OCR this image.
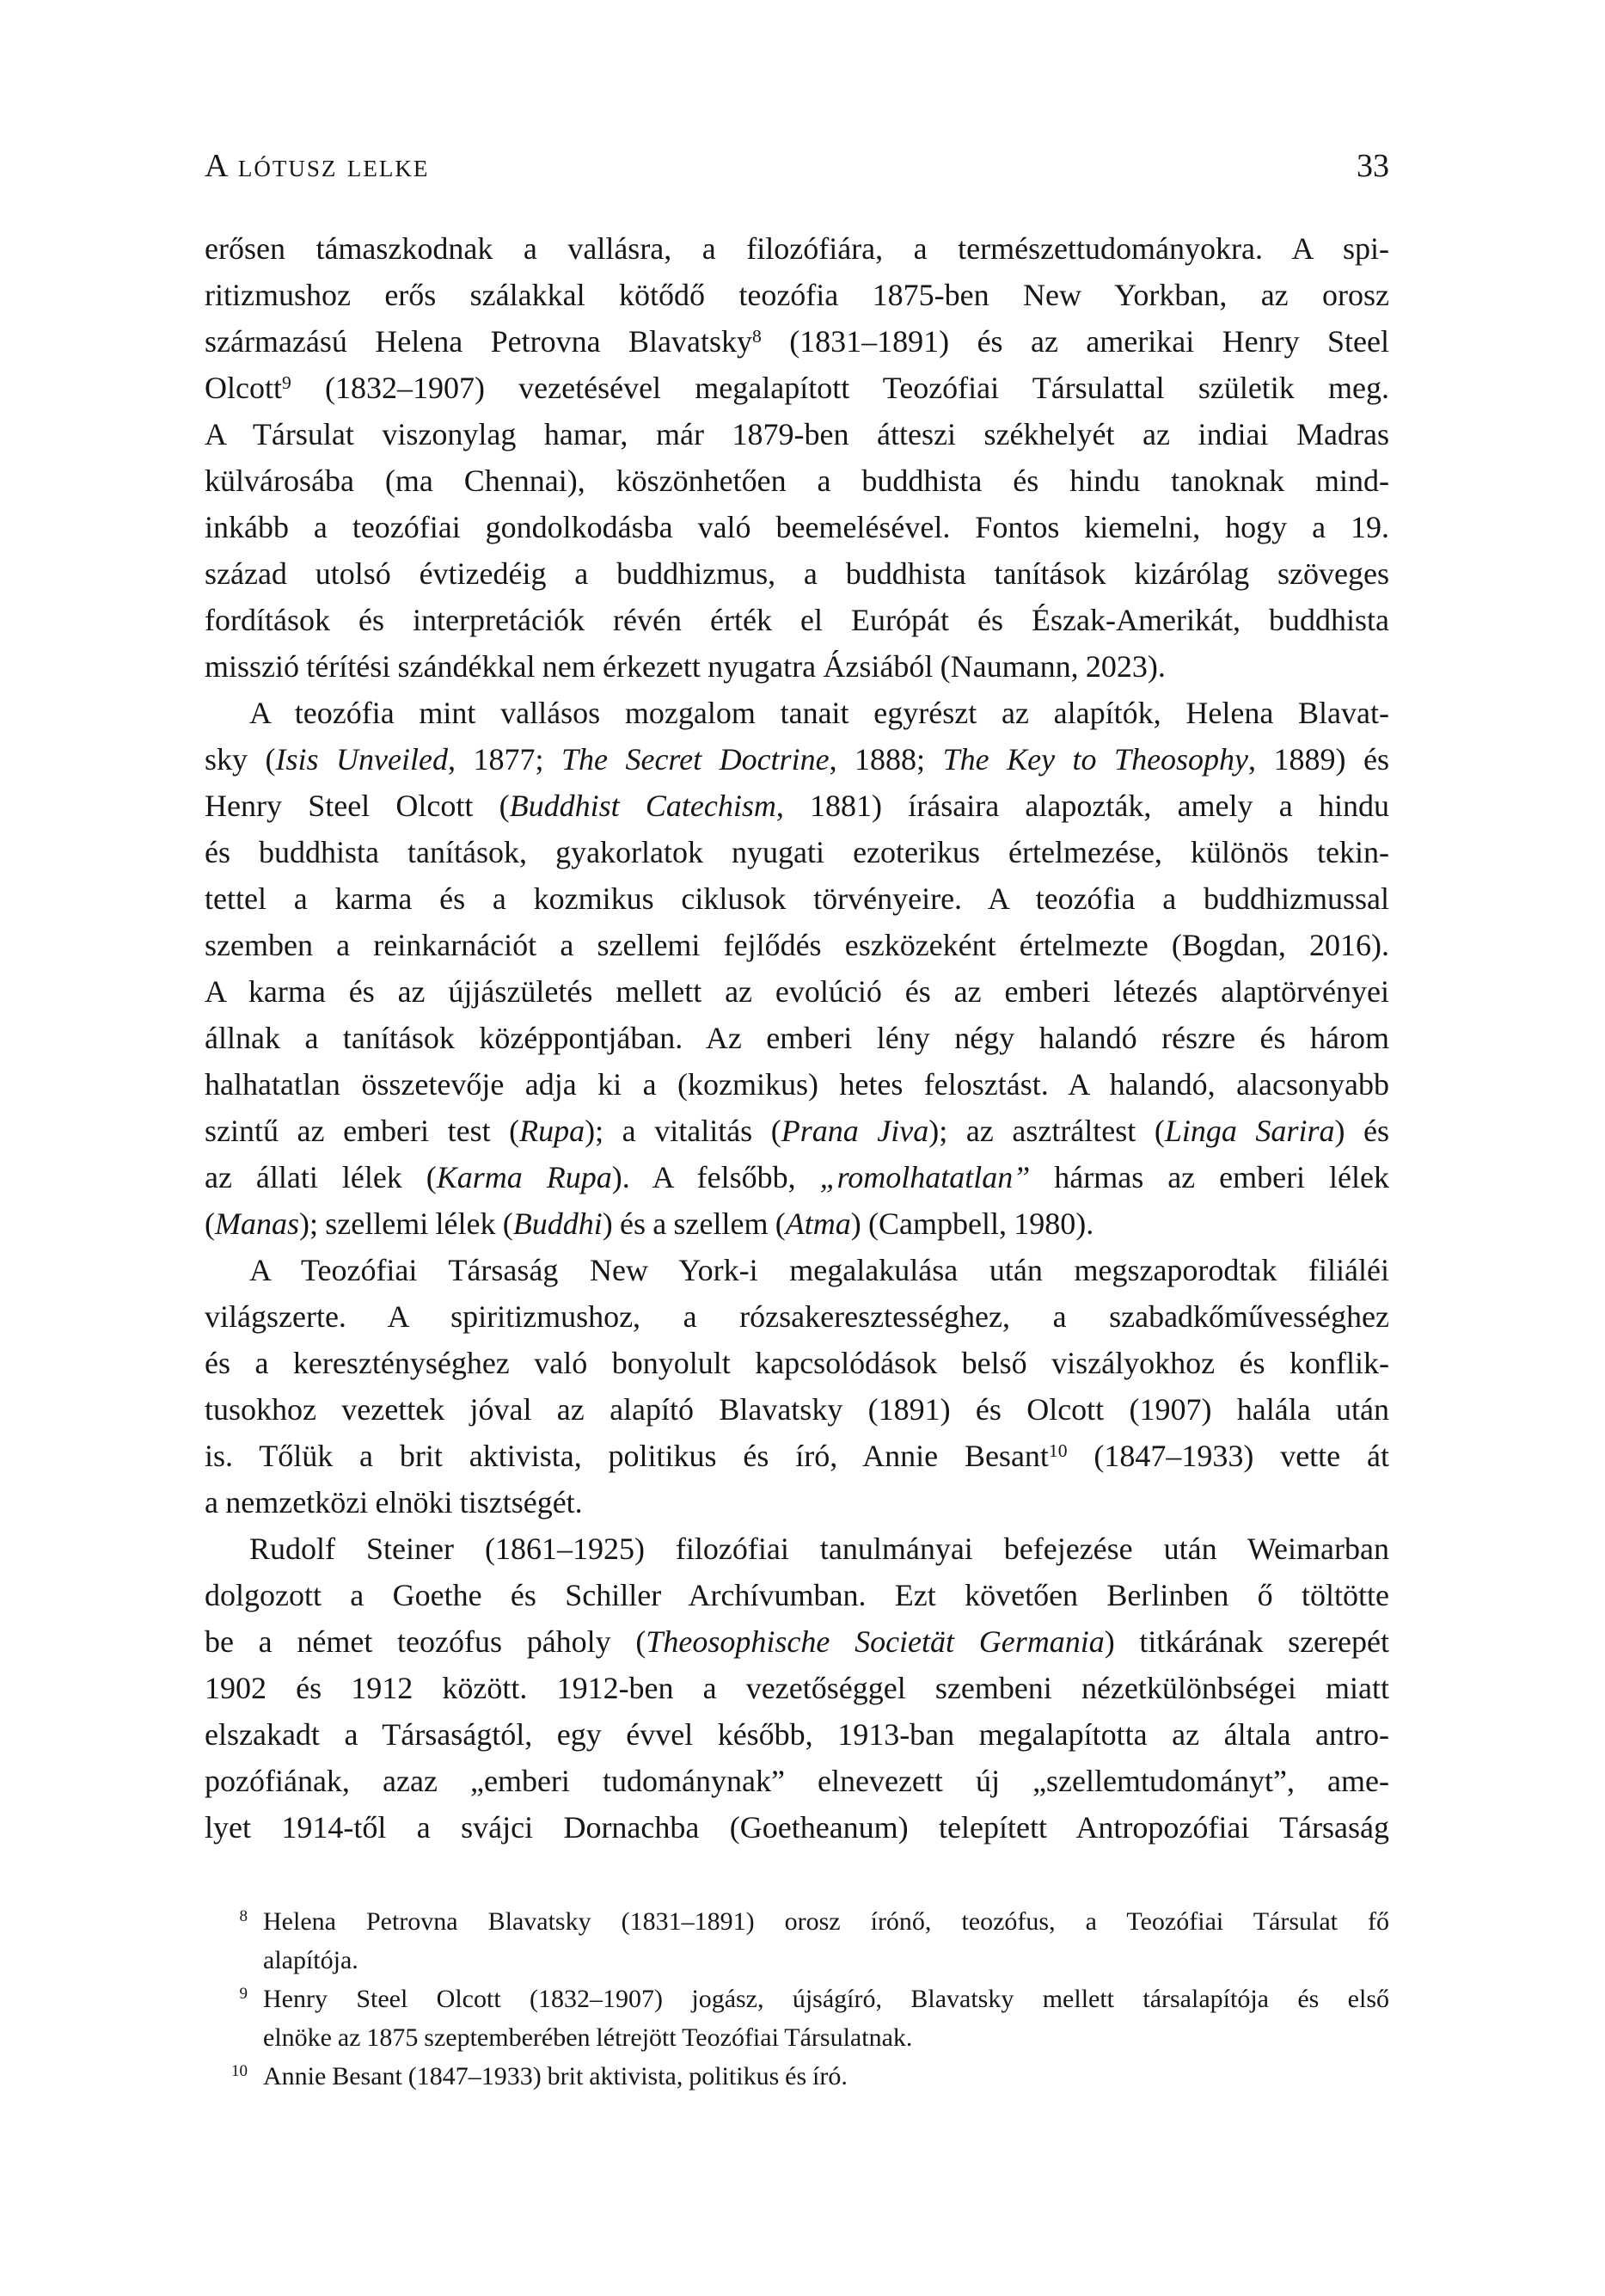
A lótusz lelke	33
erősen támaszkodnak a vallásra, a filozófiára, a természettudományokra. A spi-
ritizmushoz erős szálakkal kötődő teozófia 1875-ben New Yorkban, az orosz
származású Helena Petrovna Blavatsky$^8$ (1831–1891) és az amerikai Henry Steel
Olcott$^9$ (1832–1907) vezetésével megalapított Teozófiai Társulattal születik meg.
A Társulat viszonylag hamar, már 1879-ben átteszi székhelyét az indiai Madras
külvárosába (ma Chennai), köszönhetően a buddhista és hindu tanoknak mind-
inkább a teozófiai gondolkodásba való beemelésével. Fontos kiemelni, hogy a 19.
század utolsó évtizedéig a buddhizmus, a buddhista tanítások kizárólag szöveges
fordítások és interpretációk révén érték el Európát és Észak-Amerikát, buddhista
misszió térítési szándékkal nem érkezett nyugatra Ázsiából (Naumann, 2023).
A teozófia mint vallásos mozgalom tanait egyrészt az alapítók, Helena Blavat-
sky (Isis Unveiled, 1877; The Secret Doctrine, 1888; The Key to Theosophy, 1889) és
Henry Steel Olcott (Buddhist Catechism, 1881) írásaira alapozták, amely a hindu
és buddhista tanítások, gyakorlatok nyugati ezoterikus értelmezése, különös tekin-
tettel a karma és a kozmikus ciklusok törvényeire. A teozófia a buddhizmussal
szemben a reinkarnációt a szellemi fejlődés eszközeként értelmezte (Bogdan, 2016).
A karma és az újjászületés mellett az evolúció és az emberi létezés alaptörvényei
állnak a tanítások középpontjában. Az emberi lény négy halandó részre és három
halhatatlan összetevője adja ki a (kozmikus) hetes felosztást. A halandó, alacsonyabb
szintű az emberi test (Rupa); a vitalitás (Prana Jiva); az asztráltest (Linga Sarira) és
az állati lélek (Karma Rupa). A felsőbb, „romolhatatlan” hármas az emberi lélek
(Manas); szellemi lélek (Buddhi) és a szellem (Atma) (Campbell, 1980).
A Teozófiai Társaság New York-i megalakulása után megszaporodtak filiáléi
világszerte. A spiritizmushoz, a rózsakeresztességhez, a szabadkőművességhez
és a kereszténységhez való bonyolult kapcsolódások belső viszályokhoz és konflik-
tusokhoz vezettek jóval az alapító Blavatsky (1891) és Olcott (1907) halála után
is. Tőlük a brit aktivista, politikus és író, Annie Besant$^{10}$ (1847–1933) vette át
a nemzetközi elnöki tisztségét.
Rudolf Steiner (1861–1925) filozófiai tanulmányai befejezése után Weimarban
dolgozott a Goethe és Schiller Archívumban. Ezt követően Berlinben ő töltötte
be a német teozófus páholy (Theosophische Societät Germania) titkárának szerepét
1902 és 1912 között. 1912-ben a vezetőséggel szembeni nézetkülönbségei miatt
elszakadt a Társaságtól, egy évvel később, 1913-ban megalapította az általa antro-
pozófiának, azaz „emberi tudománynak” elnevezett új „szellemtudományt”, ame-
lyet 1914-től a svájci Dornachba (Goetheanum) telepített Antropozófiai Társaság
8 Helena Petrovna Blavatsky (1831–1891) orosz írónő, teozófus, a Teozófiai Társulat fő
alapítója.
9 Henry Steel Olcott (1832–1907) jogász, újságíró, Blavatsky mellett társalapítója és első
elnöke az 1875 szeptemberében létrejött Teozófiai Társulatnak.
10 Annie Besant (1847–1933) brit aktivista, politikus és író.
